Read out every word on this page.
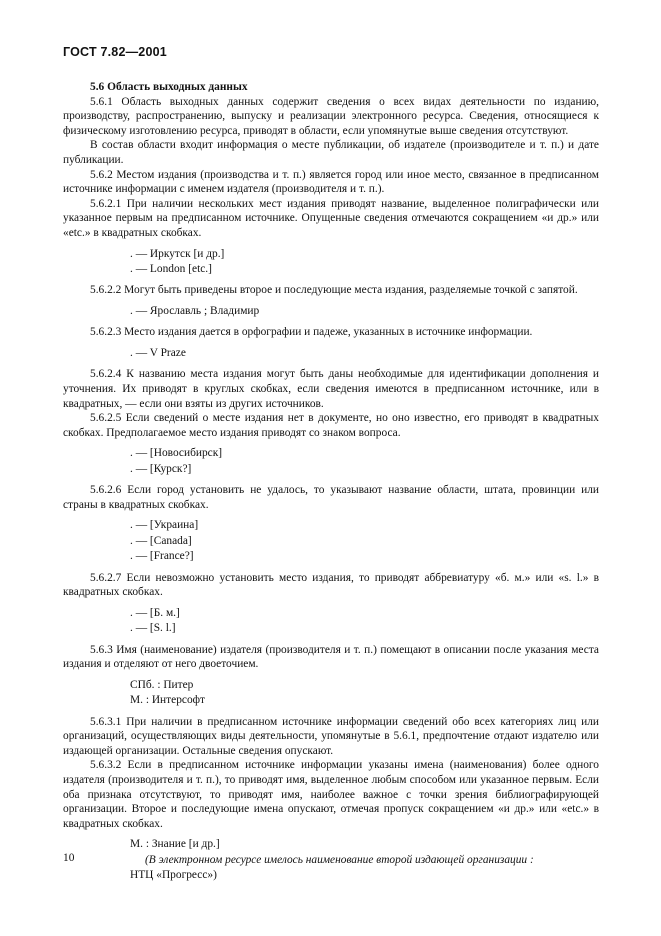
ГОСТ 7.82—2001
5.6 Область выходных данных

5.6.1 Область выходных данных содержит сведения о всех видах деятельности по изданию, производству, распространению, выпуску и реализации электронного ресурса. Сведения, относящиеся к физическому изготовлению ресурса, приводят в области, если упомянутые выше сведения отсутствуют.

В состав области входит информация о месте публикации, об издателе (производителе и т. п.) и дате публикации.

5.6.2 Местом издания (производства и т. п.) является город или иное место, связанное в предписанном источнике информации с именем издателя (производителя и т. п.).

5.6.2.1 При наличии нескольких мест издания приводят название, выделенное полиграфически или указанное первым на предписанном источнике. Опущенные сведения отмечаются сокращением «и др.» или «etc.» в квадратных скобках.

. — Иркутск [и др.]
. — London [etc.]

5.6.2.2 Могут быть приведены второе и последующие места издания, разделяемые точкой с запятой.

. — Ярославль ; Владимир

5.6.2.3 Место издания дается в орфографии и падеже, указанных в источнике информации.

. — V Praze

5.6.2.4 К названию места издания могут быть даны необходимые для идентификации дополнения и уточнения. Их приводят в круглых скобках, если сведения имеются в предписанном источнике, или в квадратных, — если они взяты из других источников.

5.6.2.5 Если сведений о месте издания нет в документе, но оно известно, его приводят в квадратных скобках. Предполагаемое место издания приводят со знаком вопроса.

. — [Новосибирск]
. — [Курск?]

5.6.2.6 Если город установить не удалось, то указывают название области, штата, провинции или страны в квадратных скобках.

. — [Украина]
. — [Canada]
. — [France?]

5.6.2.7 Если невозможно установить место издания, то приводят аббревиатуру «б. м.» или «s. l.» в квадратных скобках.

. — [Б. м.]
. — [S. l.]

5.6.3 Имя (наименование) издателя (производителя и т. п.) помещают в описании после указания места издания и отделяют от него двоеточием.

СПб. : Питер
М. : Интерсофт

5.6.3.1 При наличии в предписанном источнике информации сведений обо всех категориях лиц или организаций, осуществляющих виды деятельности, упомянутые в 5.6.1, предпочтение отдают издателю или издающей организации. Остальные сведения опускают.

5.6.3.2 Если в предписанном источнике информации указаны имена (наименования) более одного издателя (производителя и т. п.), то приводят имя, выделенное любым способом или указанное первым. Если оба признака отсутствуют, то приводят имя, наиболее важное с точки зрения библиографирующей организации. Второе и последующие имена опускают, отмечая пропуск сокращением «и др.» или «etc.» в квадратных скобках.

М. : Знание [и др.]
(В электронном ресурсе имелось наименование второй издающей организации :
НТЦ «Прогресс»)
10
